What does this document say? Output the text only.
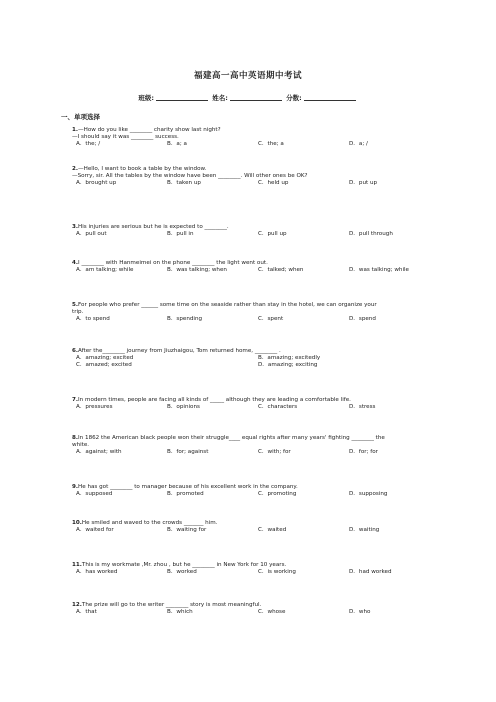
福建高一高中英语期中考试
班级:	姓名:	分数:
一、单项选择
1.—How do you like ________ charity show last night?
—I should say it was ________ success.
A．the; /	B．a; a	C．the; a	D．a; /
2.—Hello, I want to book a table by the window.
—Sorry, sir. All the tables by the window have been ________. Will other ones be OK?
A．brought up	B．taken up	C．held up	D．put up
3.His injuries are serious but he is expected to ________.
A．pull out	B．pull in	C．pull up	D．pull through
4.I ________ with Hanmeimei on the phone ________ the light went out.
A．am talking; while	B．was talking; when	C．talked; when	D．was talking; while
5.For people who prefer ______ some time on the seaside rather than stay in the hotel, we can organize your
trip.
A．to spend	B．spending	C．spent	D．spend
6.After the________ journey from Jiuzhaigou, Tom returned home, ________ .
A．amazing; excited	B．amazing; excitedly
C．amazed; excited	D．amazing; exciting
7.In modern times, people are facing all kinds of _____ although they are leading a comfortable life.
A．pressures	B．opinions	C．characters	D．stress
8.In 1862 the American black people won their struggle____ equal rights after many years' fighting ________ the
white.
A．against; with	B．for; against	C．with; for	D．for; for
9.He has got ________ to manager because of his excellent work in the company.
A．supposed	B．promoted	C．promoting	D．supposing
10.He smiled and waved to the crowds _______ him.
A．waited for	B．waiting for	C．waited	D．waiting
11.This is my workmate ,Mr. zhou , but he ________ in New York for 10 years.
A．has worked	B．worked	C．is working	D．had worked
12.The prize will go to the writer ________ story is most meaningful.
A．that	B．which	C．whose	D．who
